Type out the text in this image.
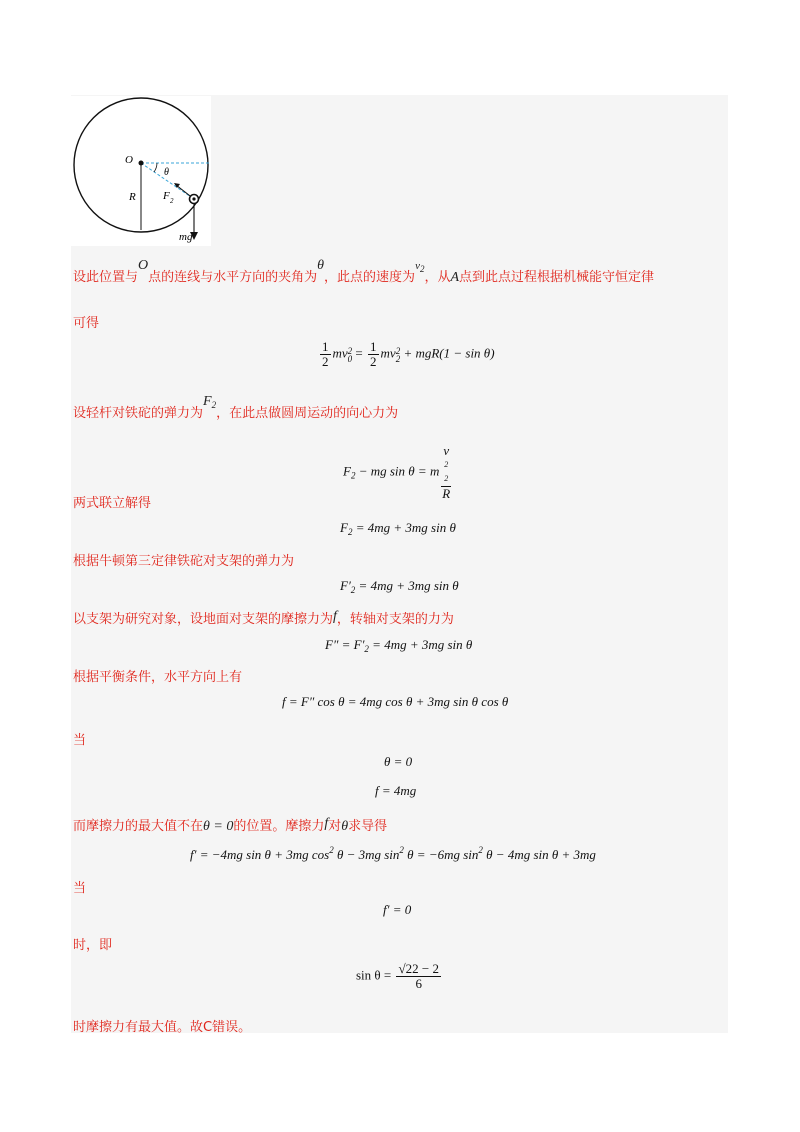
O
θ
R F 2
mg
设此位置与O点的连线与水平方向的夹角为θ，此点的速度为$^{v_2}$，从A点到此点过程根据机械能守恒定律
可得
$\frac{1}{2}$ mv 2
$0 = \frac{1}{2}$ mv 2
2 + mgR(1 − sin θ)
设轻杆对铁砣的弹力为$F_2$，在此点做圆周运动的向心力为
$F_2$ − mg sin θ = m v
2
2
R
两式联立解得
$F_2 = 4mg + 3mg$ sin θ
根据牛顿第三定律铁砣对支架的弹力为
$F'_2 = 4mg + 3mg$ sin θ
以支架为研究对象，设地面对支架的摩擦力为f，转轴对支架的力为
$F'' = F'_2 = 4mg + 3mg$ sin θ
根据平衡条件，水平方向上有
f = F″ cos θ = 4mg cos θ + 3mg sin θ cos θ
当
θ = 0
f = 4mg
而摩擦力的最大值不在θ = 0的位置。摩擦力f对θ求导得
f′ = −4mg sin θ + 3mg $\cos^2 \theta - 3mg$ $\sin^2 \theta = -6mg$ $\sin^2 \theta - 4mg$ sin θ + 3mg
当
f′ = 0
时，即
$\sin \theta = \frac{√22 - 2}{6}$
时摩擦力有最大值。故C错误。
